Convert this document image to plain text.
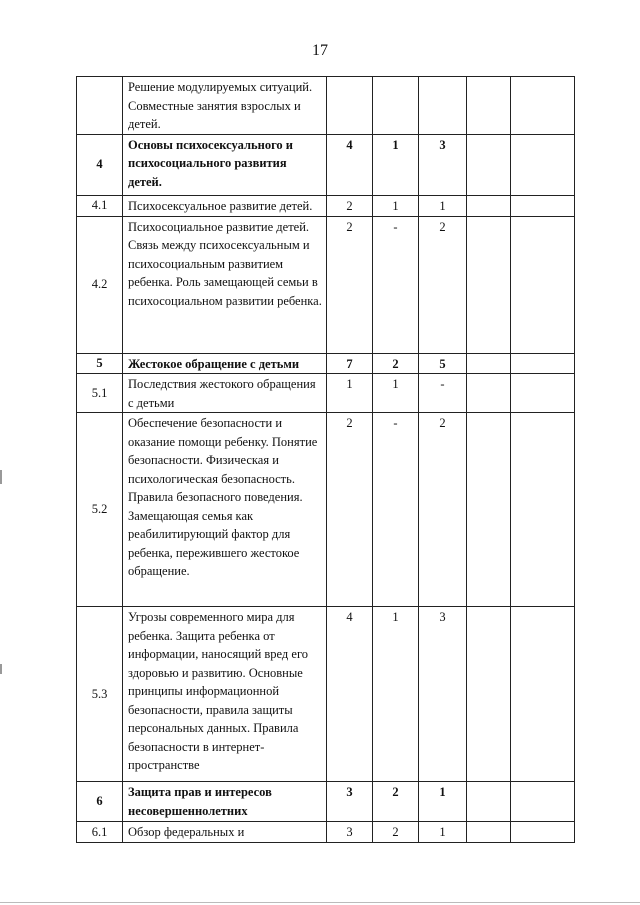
17
	Решение модулируемых ситуаций. Совместные занятия взрослых и детей.					
4	Основы психосексуального и психосоциального развития детей.	4	1	3		
4.1	Психосексуальное развитие детей.	2	1	1		
4.2	Психосоциальное развитие детей. Связь между психосексуальным и психосоциальным развитием ребенка. Роль замещающей семьи в психосоциальном развитии ребенка.	2	-	2		
5	Жестокое обращение с детьми	7	2	5		
5.1	Последствия жестокого обращения с детьми	1	1	-		
5.2	Обеспечение безопасности и оказание помощи ребенку. Понятие безопасности. Физическая и психологическая безопасность. Правила безопасного поведения. Замещающая семья как реабилитирующий фактор для ребенка, пережившего жестокое обращение.	2	-	2		
5.3	Угрозы современного мира для ребенка. Защита ребенка от информации, наносящий вред его здоровью и развитию. Основные принципы информационной безопасности, правила защиты персональных данных. Правила безопасности в интернет-пространстве	4	1	3		
6	Защита прав и интересов несовершеннолетних	3	2	1		
6.1	Обзор федеральных и	3	2	1		
